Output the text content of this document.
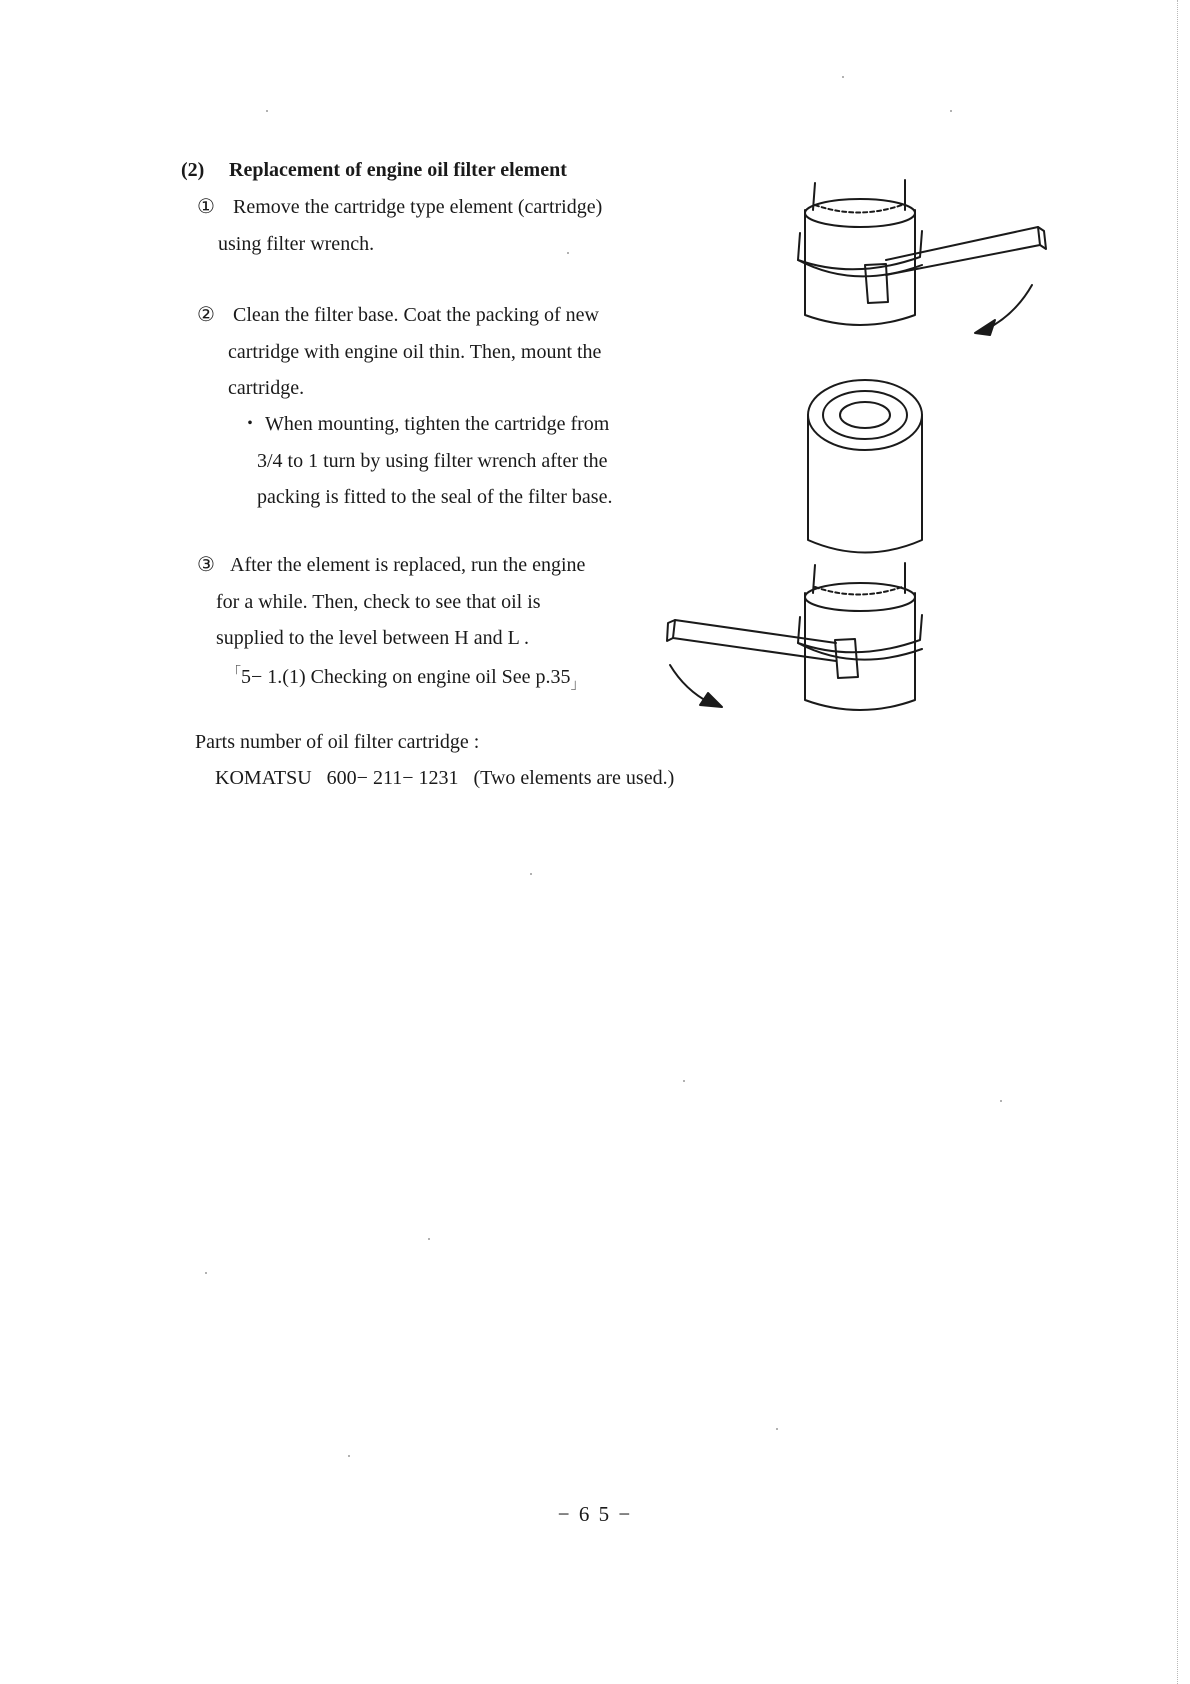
(2) Replacement of engine oil filter element
① Remove the cartridge type element (cartridge)
using filter wrench.
② Clean the filter base. Coat the packing of new
cartridge with engine oil thin. Then, mount the
cartridge.
・ When mounting, tighten the cartridge from
3/4 to 1 turn by using filter wrench after the
packing is fitted to the seal of the filter base.
③ After the element is replaced, run the engine
for a while. Then, check to see that oil is
supplied to the level between H and L .
「5− 1.(1) Checking on engine oil See $p.35_」$
Parts number of oil filter cartridge :
KOMATSU   600− 211− 1231   (Two elements are used.)
− 6 5 −
